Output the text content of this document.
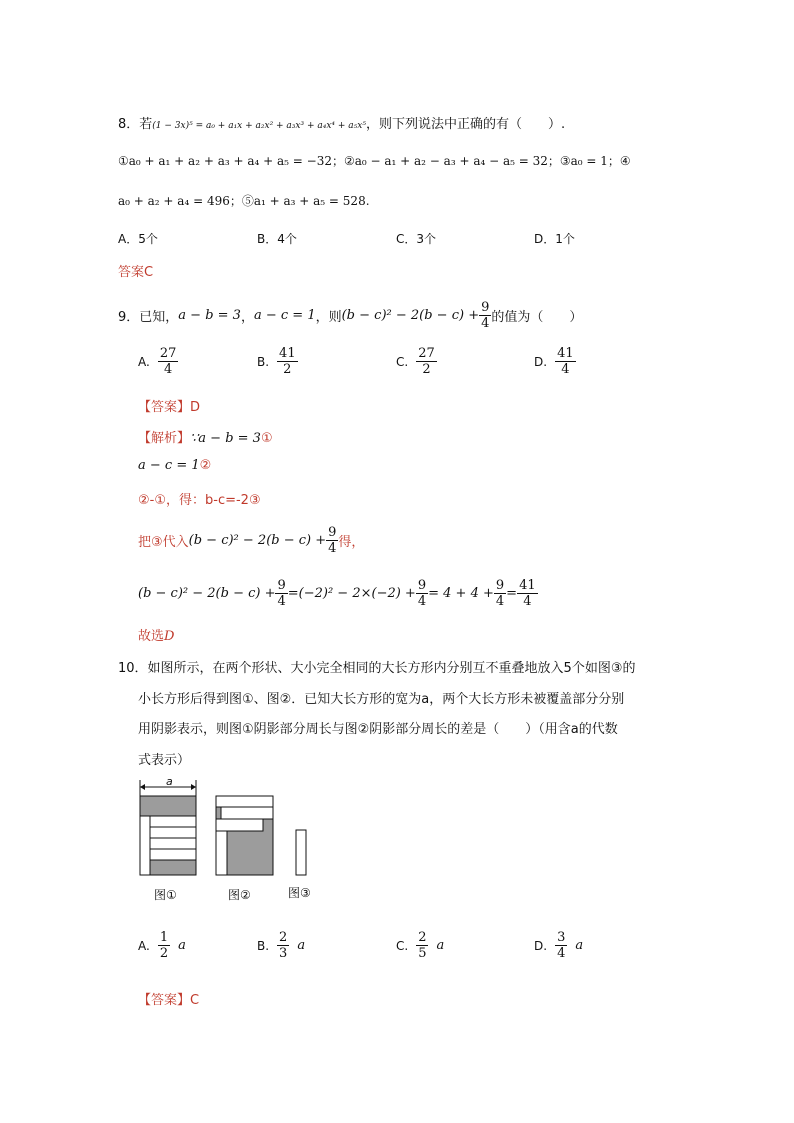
8．若(1 − 3x)⁵ = a₀ + a₁x + a₂x² + a₃x³ + a₄x⁴ + a₅x⁵，则下列说法中正确的有（　　）.
①a₀ + a₁ + a₂ + a₃ + a₄ + a₅ = −32；②a₀ − a₁ + a₂ − a₃ + a₄ − a₅ = 32；③a₀ = 1；④
a₀ + a₂ + a₄ = 496；⑤a₁ + a₃ + a₅ = 528.
A．5个	B．4个	C．3个	D．1个
答案C
9．已知， a − b = 3 ， a − c = 1 ，则 $(b - c)^2 - 2(b - c) + \frac{9}{4}$ 的值为（　　）
A. $\frac{27}{4}$	B. $\frac{41}{2}$	C. $\frac{27}{2}$	D. $\frac{41}{4}$
【答案】D
【解析】∵a − b = 3①
a − c = 1②
②-①，得：b-c=-2③
把③代入 $(b - c)^2 - 2(b - c) + \frac{9}{4}$ 得，
$(b - c)^2 - 2(b - c) + \frac{9}{4} =(-2)^2 - 2\times(-2) + \frac{9}{4} = 4 + 4 + \frac{9}{4} = \frac{41}{4}$
故选D
10．如图所示，在两个形状、大小完全相同的大长方形内分别互不重叠地放入5个如图③的
小长方形后得到图①、图②．已知大长方形的宽为a，两个大长方形未被覆盖部分分别
用阴影表示，则图①阴影部分周长与图②阴影部分周长的差是（　　）（用含a的代数
式表示）
a
图①	图②	图③
A. $\frac{1}{2}$ a	B. $\frac{2}{3}$ a	C. $\frac{2}{5}$ a	D. $\frac{3}{4}$ a
【答案】C
